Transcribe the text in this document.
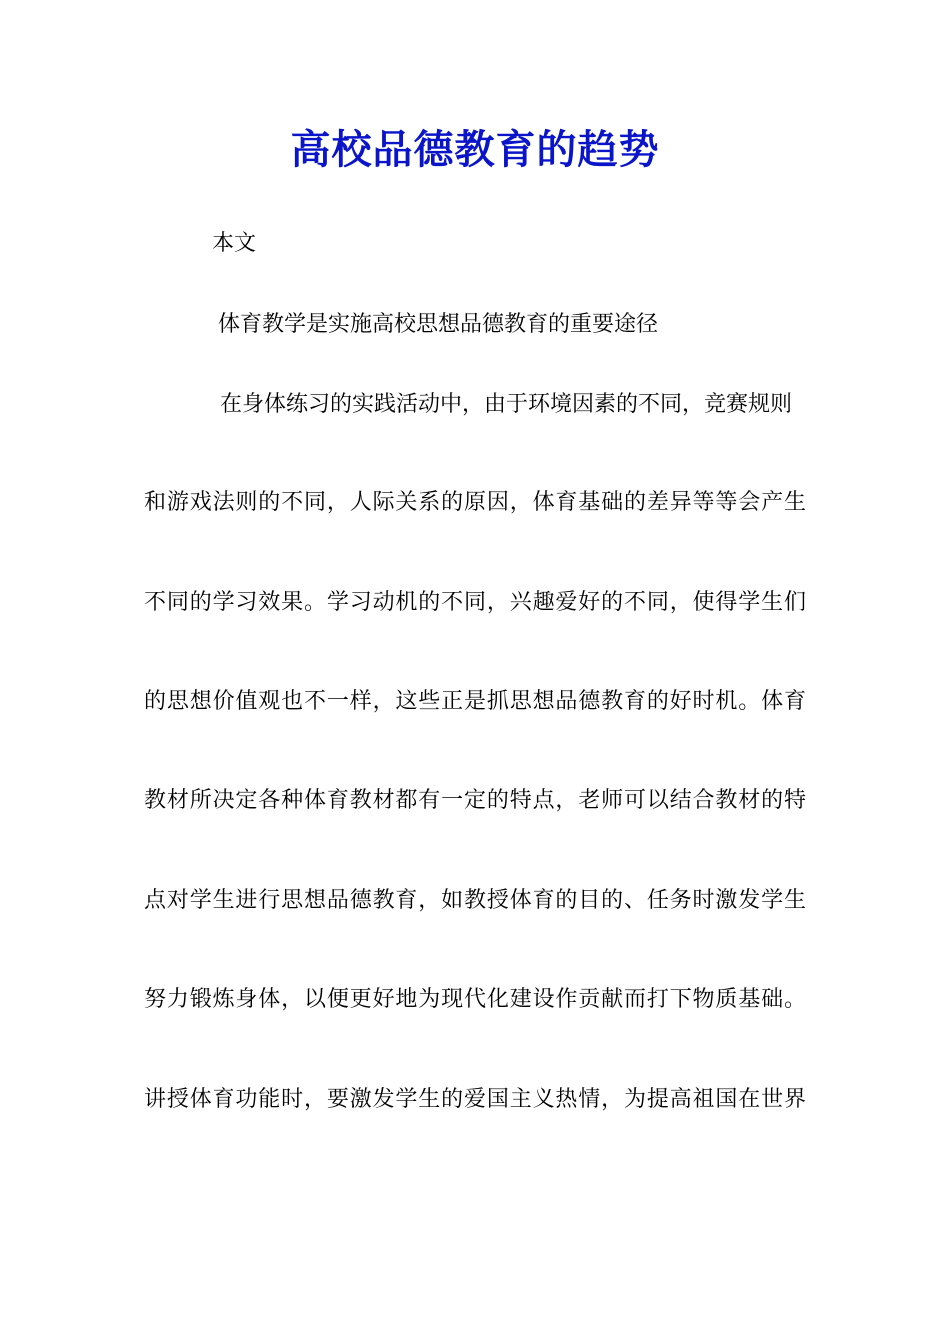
高校品德教育的趋势
本文
体育教学是实施高校思想品德教育的重要途径
在身体练习的实践活动中，由于环境因素的不同，竞赛规则
和游戏法则的不同，人际关系的原因，体育基础的差异等等会产生
不同的学习效果。学习动机的不同，兴趣爱好的不同，使得学生们
的思想价值观也不一样，这些正是抓思想品德教育的好时机。体育
教材所决定各种体育教材都有一定的特点，老师可以结合教材的特
点对学生进行思想品德教育，如教授体育的目的、任务时激发学生
努力锻炼身体，以便更好地为现代化建设作贡献而打下物质基础。
讲授体育功能时，要激发学生的爱国主义热情，为提高祖国在世界
